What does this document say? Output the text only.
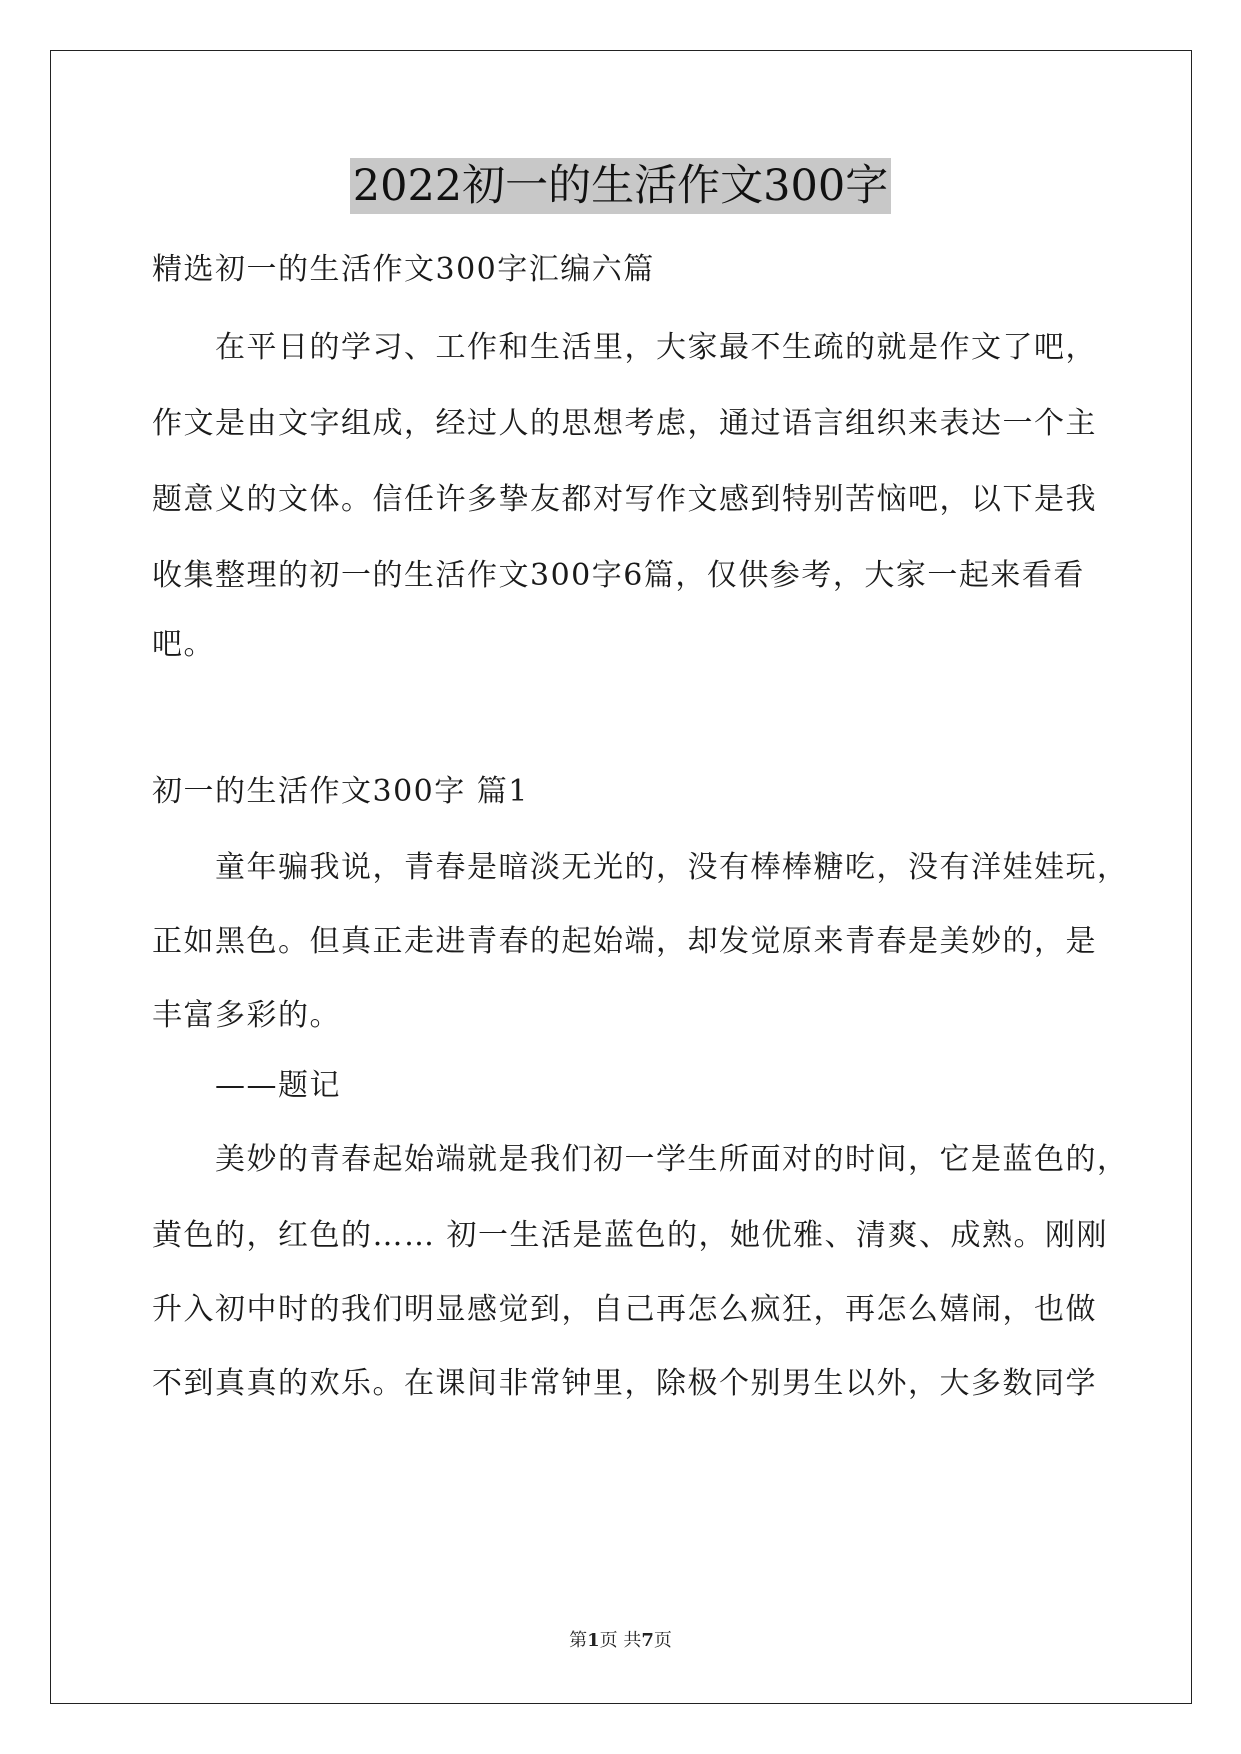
2022初一的生活作文300字
精选初一的生活作文300字汇编六篇
在平日的学习、工作和生活里，大家最不生疏的就是作文了吧，
作文是由文字组成，经过人的思想考虑，通过语言组织来表达一个主
题意义的文体。信任许多挚友都对写作文感到特别苦恼吧，以下是我
收集整理的初一的生活作文300字6篇，仅供参考，大家一起来看看
吧。
初一的生活作文300字 篇1
童年骗我说，青春是暗淡无光的，没有棒棒糖吃，没有洋娃娃玩，
正如黑色。但真正走进青春的起始端，却发觉原来青春是美妙的，是
丰富多彩的。
——题记
美妙的青春起始端就是我们初一学生所面对的时间，它是蓝色的，
黄色的，红色的…… 初一生活是蓝色的，她优雅、清爽、成熟。刚刚
升入初中时的我们明显感觉到，自己再怎么疯狂，再怎么嬉闹，也做
不到真真的欢乐。在课间非常钟里，除极个别男生以外，大多数同学
第1页 共7页
